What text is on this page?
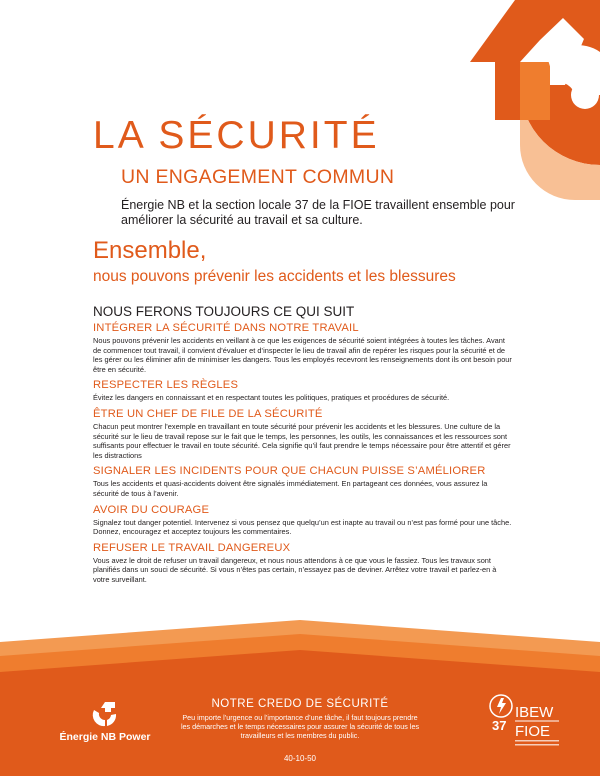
LA SÉCURITÉ
UN ENGAGEMENT COMMUN

Énergie NB et la section locale 37 de la FIOE travaillent ensemble pour améliorer la sécurité au travail et sa culture.

Ensemble,
nous pouvons prévenir les accidents et les blessures
NOUS FERONS TOUJOURS CE QUI SUIT
INTÉGRER LA SÉCURITÉ DANS NOTRE TRAVAIL

Nous pouvons prévenir les accidents en veillant à ce que les exigences de sécurité soient intégrées à toutes les tâches. Avant de commencer tout travail, il convient d’évaluer et d’inspecter le lieu de travail afin de repérer les risques pour la sécurité et de les gérer ou les éliminer afin de minimiser les dangers. Tous les employés recevront les renseignements dont ils ont besoin pour être en sécurité.

RESPECTER LES RÈGLES

Évitez les dangers en connaissant et en respectant toutes les politiques, pratiques et procédures de sécurité.

ÊTRE UN CHEF DE FILE DE LA SÉCURITÉ

Chacun peut montrer l’exemple en travaillant en toute sécurité pour prévenir les accidents et les blessures. Une culture de la sécurité sur le lieu de travail repose sur le fait que le temps, les personnes, les outils, les connaissances et les ressources sont suffisants pour effectuer le travail en toute sécurité. Cela signifie qu’il faut prendre le temps nécessaire pour être attentif et gérer les distractions

SIGNALER LES INCIDENTS POUR QUE CHACUN PUISSE S’AMÉLIORER

Tous les accidents et quasi-accidents doivent être signalés immédiatement. En partageant ces données, vous assurez la sécurité de tous à l’avenir.

AVOIR DU COURAGE

Signalez tout danger potentiel. Intervenez si vous pensez que quelqu’un est inapte au travail ou n’est pas formé pour une tâche. Donnez, encouragez et acceptez toujours les commentaires.

REFUSER LE TRAVAIL DANGEREUX

Vous avez le droit de refuser un travail dangereux, et nous nous attendons à ce que vous le fassiez. Tous les travaux sont planifiés dans un souci de sécurité. Si vous n’êtes pas certain, n’essayez pas de deviner. Arrêtez votre travail et parlez-en à votre surveillant.

Énergie NB Power
NOTRE CREDO DE SÉCURITÉ

Peu importe l’urgence ou l’importance d’une tâche, il faut toujours prendre les démarches et le temps nécessaires pour assurer la sécurité de tous les travailleurs et les membres du public.

40-10-50

37
IBEW
FIOE
